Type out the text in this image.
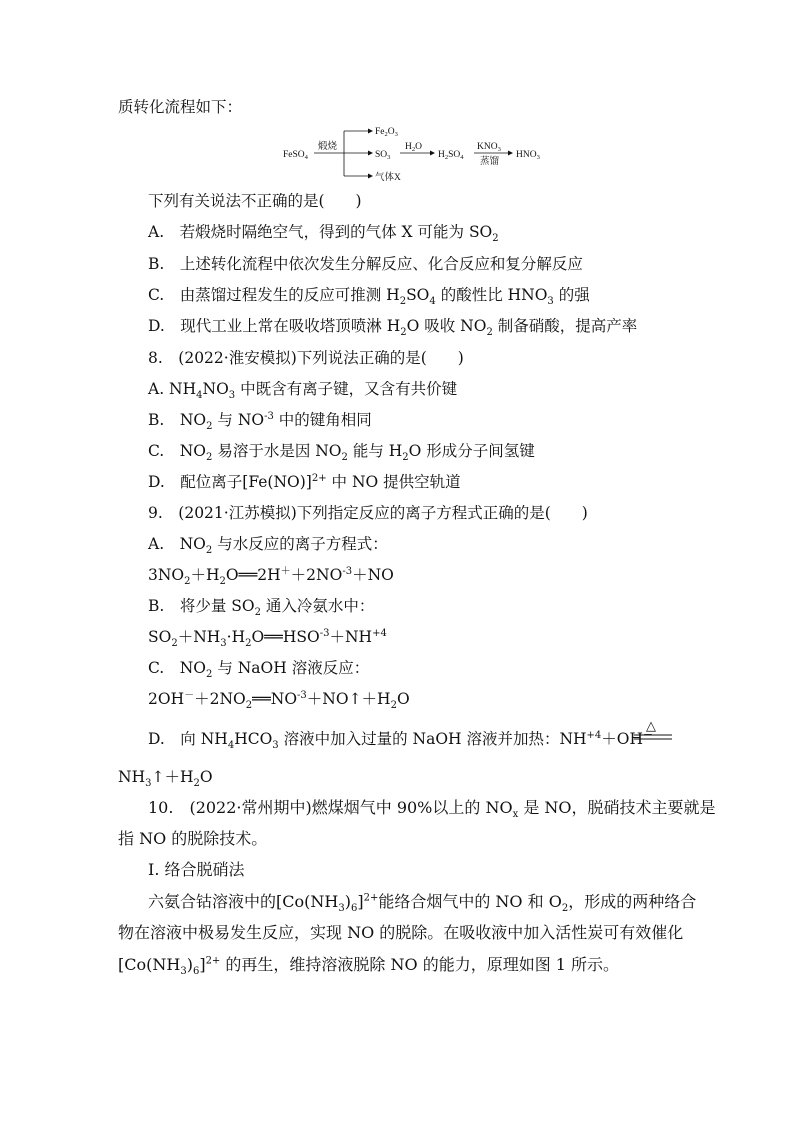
质转化流程如下：
FeSO$_4$
煅烧
$Fe_2O_3$
$SO_3$
气体X
$H_2O$
$H_2SO_4$
$KNO_3$
蒸馏
$HNO_3$
下列有关说法不正确的是(　　)
A.　若煅烧时隔绝空气，得到的气体 X 可能为 $SO_2$
B.　上述转化流程中依次发生分解反应、化合反应和复分解反应
C.　由蒸馏过程发生的反应可推测 $H_2SO_4$ 的酸性比 $HNO_3$ 的强
D.　现代工业上常在吸收塔顶喷淋 $H_2O$ 吸收 $NO_2$ 制备硝酸，提高产率
8.　(2022·淮安模拟)下列说法正确的是(　　)
A. $NH_4NO_3$ 中既含有离子键，又含有共价键
B.　$NO_2$ 与 $NO^{-3}$ 中的键角相同
C.　$NO_2$ 易溶于水是因 $NO_2$ 能与 $H_2O$ 形成分子间氢键
D.　配位离子$[Fe(NO)]^{2+}$ 中 NO 提供空轨道
9.　(2021·江苏模拟)下列指定反应的离子方程式正确的是(　　)
A.　$NO_2$ 与水反应的离子方程式：
$3NO_2+H_2O══2H^++2NO^{-3}+NO$
B.　将少量 $SO_2$ 通入冷氨水中：
$SO_2+NH_3\cdot H_2O══HSO^{-3}+NH^{+4}$
C.　$NO_2$ 与 NaOH 溶液反应：
$2OH^-+2NO_2══NO^{-3}+NO↑+H_2O$
D.　向 $NH_4HCO_3$ 溶液中加入过量的 NaOH 溶液并加热：$NH^{+4}+OH^-$
△
$NH_3↑+H_2O$
10.　(2022·常州期中)燃煤烟气中 90%以上的 $NO_x$ 是 NO，脱硝技术主要就是
指 NO 的脱除技术。
Ⅰ. 络合脱硝法
六氨合钴溶液中的$[Co(NH_3)_6]^{2+}$能络合烟气中的 NO 和 $O_2$，形成的两种络合
物在溶液中极易发生反应，实现 NO 的脱除。在吸收液中加入活性炭可有效催化
$[Co(NH_3)_6]^{2+}$ 的再生，维持溶液脱除 NO 的能力，原理如图 1 所示。
